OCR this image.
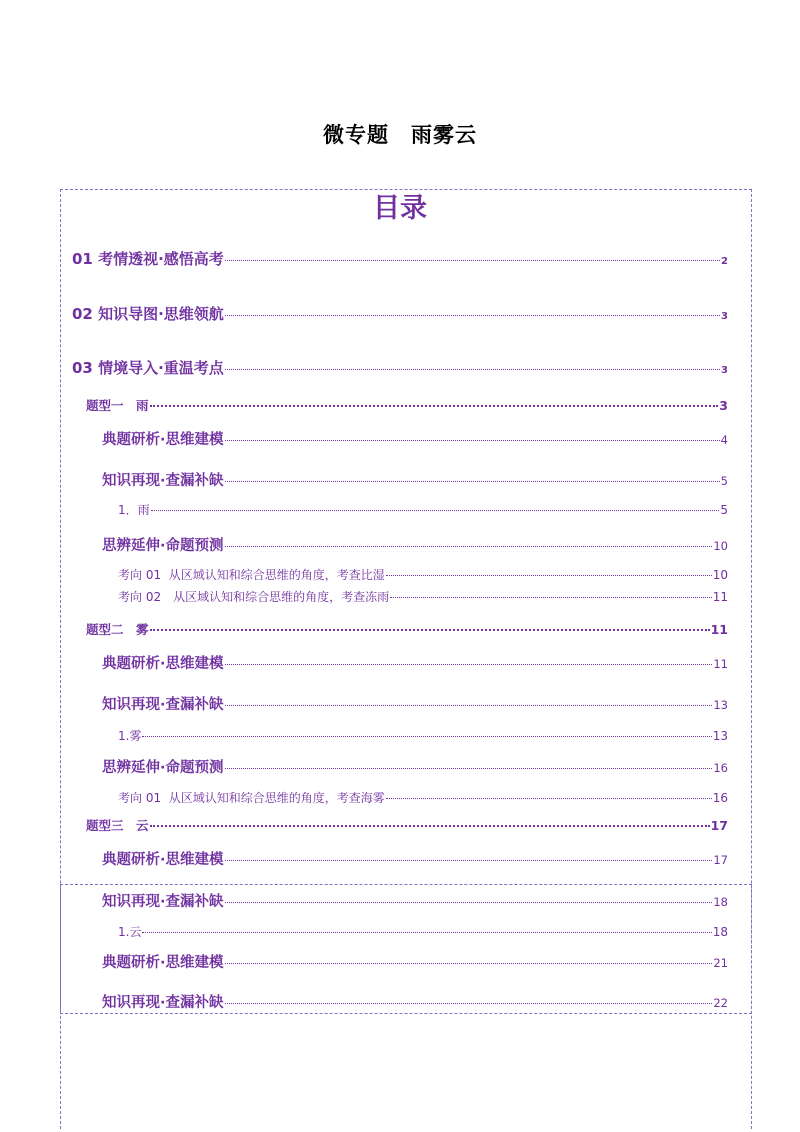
微专题　雨雾云
目录
01 考情透视·感悟高考	2
02 知识导图·思维领航	3
03 情境导入·重温考点	3
题型一　雨	3
典题研析·思维建模	4
知识再现·查漏补缺	5
1．雨	5
思辨延伸·命题预测	10
考向 01  从区域认知和综合思维的角度，考查比湿	10
考向 02　从区域认知和综合思维的角度，考查冻雨	11
题型二　雾	11
典题研析·思维建模	11
知识再现·查漏补缺	13
1.雾	13
思辨延伸·命题预测	16
考向 01  从区域认知和综合思维的角度，考查海雾	16
题型三　云	17
典题研析·思维建模	17
知识再现·查漏补缺	18
1.云	18
典题研析·思维建模	21
知识再现·查漏补缺	22
